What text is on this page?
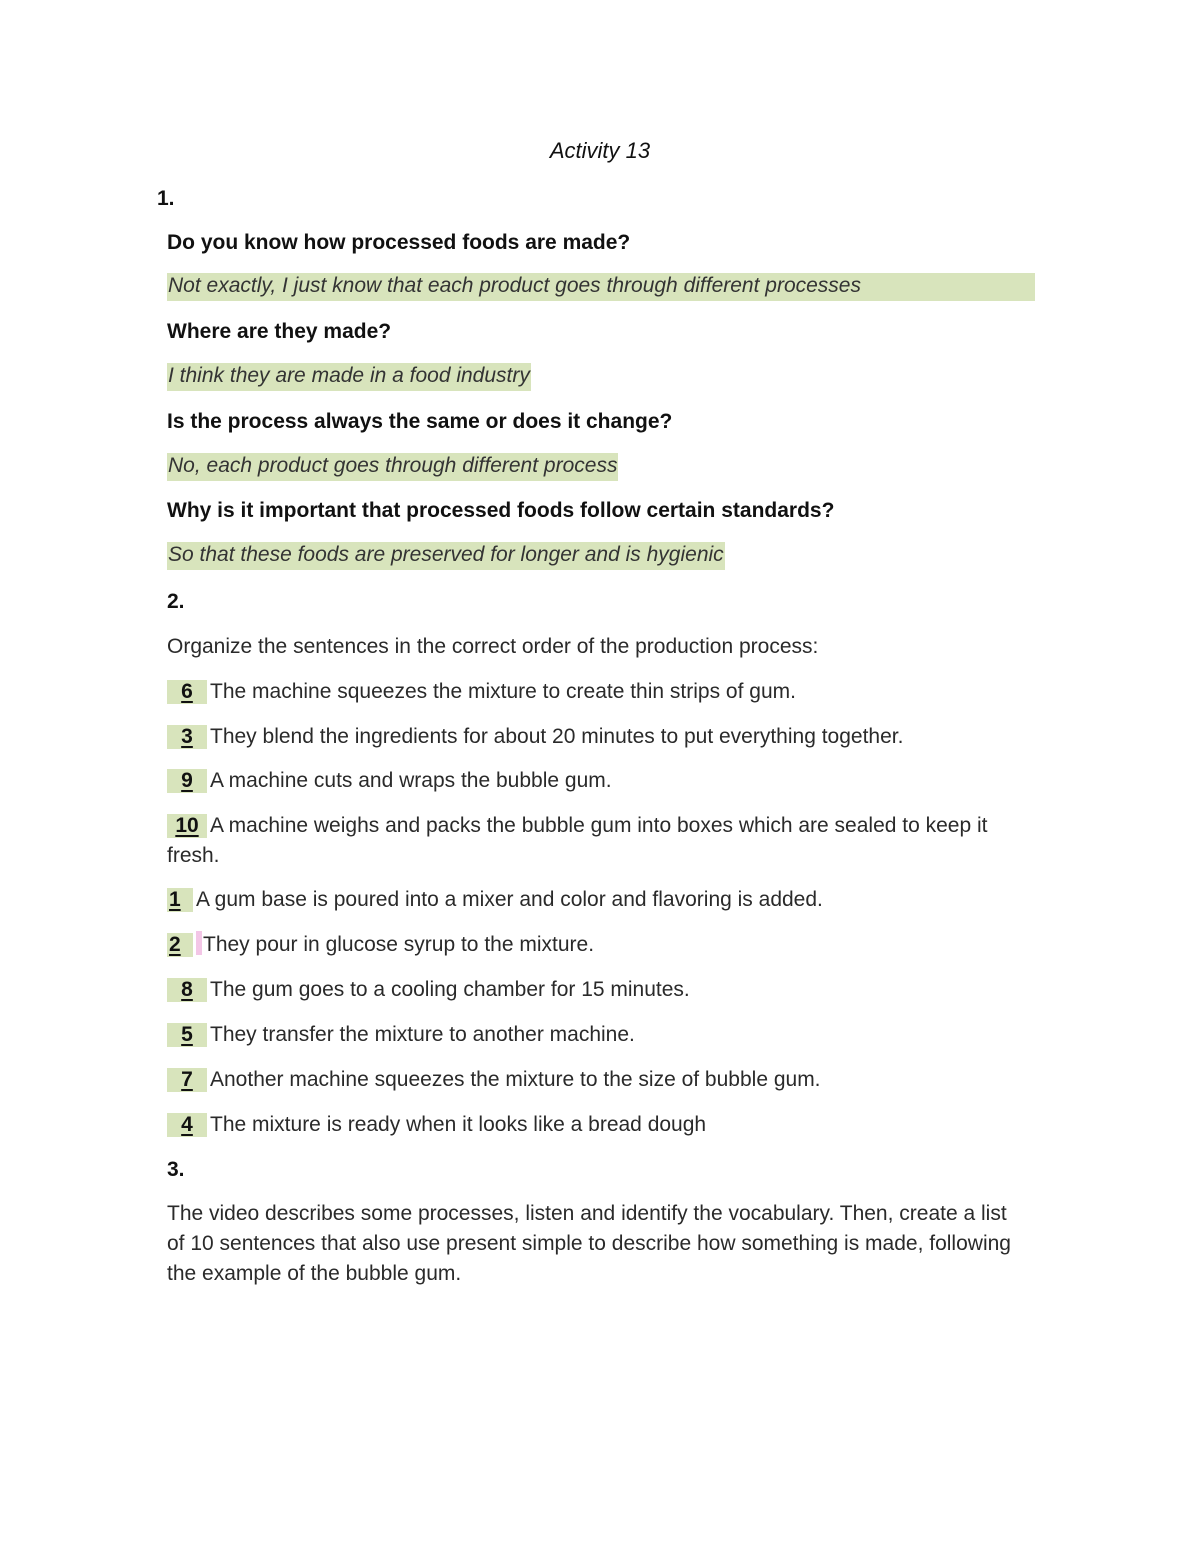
Activity 13
1.
Do you know how processed foods are made?
Not exactly, I just know that each product goes through different processes
Where are they made?
I think they are made in a food industry
Is the process always the same or does it change?
No, each product goes through different process
Why is it important that processed foods follow certain standards?
So that these foods are preserved for longer and is hygienic
2.
Organize the sentences in the correct order of the production process:
6 The machine squeezes the mixture to create thin strips of gum.
3 They blend the ingredients for about 20 minutes to put everything together.
9 A machine cuts and wraps the bubble gum.
10 A machine weighs and packs the bubble gum into boxes which are sealed to keep it fresh.
1 A gum base is poured into a mixer and color and flavoring is added.
2 They pour in glucose syrup to the mixture.
8 The gum goes to a cooling chamber for 15 minutes.
5 They transfer the mixture to another machine.
7 Another machine squeezes the mixture to the size of bubble gum.
4 The mixture is ready when it looks like a bread dough
3.
The video describes some processes, listen and identify the vocabulary. Then, create a list of 10 sentences that also use present simple to describe how something is made, following the example of the bubble gum.
